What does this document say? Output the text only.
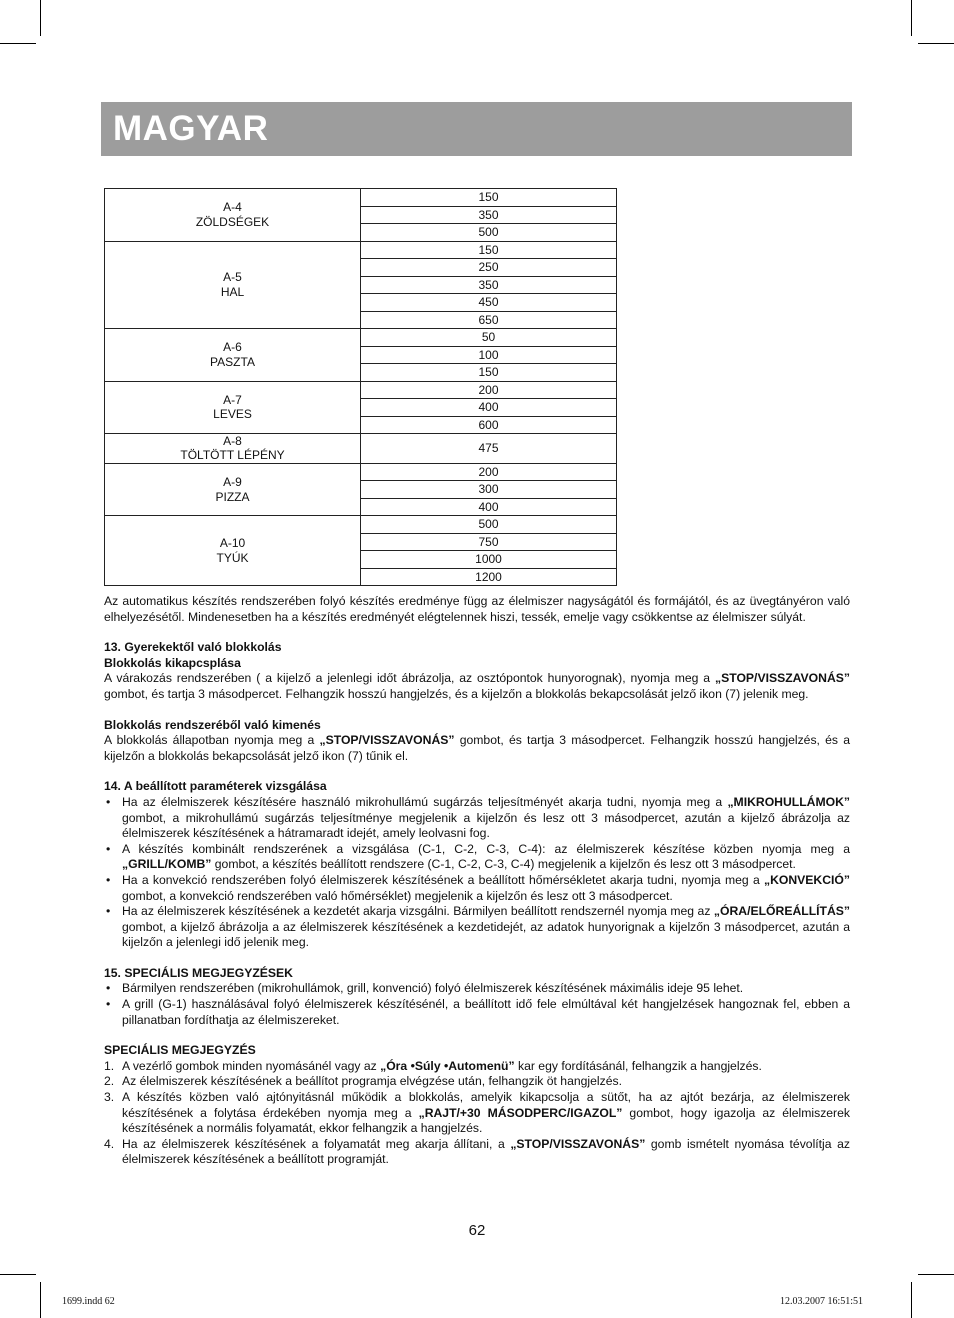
MAGYAR
A-4
ZÖLDSÉGEK	150
	350
	500

A-5
HAL	150
	250
	350
	450
	650

A-6
PASZTA	50
	100
	150

A-7
LEVES	200
	400
	600

A-8
TÖLTÖTT LÉPÉNY	475

A-9
PIZZA	200
	300
	400

A-10
TYÚK	500
	750
	1000
	1200

Az automatikus készítés rendszerében folyó készítés eredménye függ az élelmiszer nagyságától és formájától, és az üvegtányéron való elhelyezésétől. Mindenesetben ha a készítés eredményét elégtelennek hiszi, tessék, emelje vagy csökkentse az élelmiszer súlyát.

13. Gyerekektől való blokkolás

Blokkolás kikapcsplása

A várakozás rendszerében ( a kijelző a jelenlegi időt ábrázolja, az osztópontok hunyorognak), nyomja meg a „STOP/VISSZAVONÁS” gombot, és tartja 3 másodpercet. Felhangzik hosszú hangjelzés, és a kijelzőn a blokkolás bekapcsolását jelző ikon (7) jelenik meg.

Blokkolás rendszeréből való kimenés

A blokkolás állapotban nyomja meg a „STOP/VISSZAVONÁS” gombot, és tartja 3 másodpercet. Felhangzik hosszú hangjelzés, és a kijelzőn a blokkolás bekapcsolását jelző ikon (7) tűnik el.

14. A beállított paraméterek vizsgálása

• Ha az élelmiszerek készítésére használó mikrohullámú sugárzás teljesítményét akarja tudni, nyomja meg a „MIKROHULLÁMOK” gombot, a mikrohullámú sugárzás teljesítménye megjelenik a kijelzőn és lesz ott 3 másodpercet, azután a kijelző ábrázolja az élelmiszerek készítésének a hátramaradt idejét, amely leolvasni fog.
• A készítés kombinált rendszerének a vizsgálása (C-1, C-2, C-3, C-4): az élelmiszerek készítése közben nyomja meg a „GRILL/KOMB” gombot, a készítés beállított rendszere (C-1, C-2, C-3, C-4) megjelenik a kijelzőn és lesz ott 3 másodpercet.
• Ha a konvekció rendszerében folyó élelmiszerek készítésének a beállított hőmérsékletet akarja tudni, nyomja meg a „KONVEKCIÓ” gombot, a konvekció rendszerében való hőmérséklet) megjelenik a kijelzőn és lesz ott 3 másodpercet.
• Ha az élelmiszerek készítésének a kezdetét akarja vizsgálni. Bármilyen beállított rendszernél nyomja meg az „ÓRA/ELŐREÁLLÍTÁS” gombot, a kijelző ábrázolja a az élelmiszerek készítésének a kezdetidejét, az adatok hunyorignak a kijelzőn 3 másodpercet, azután a kijelzőn a jelenlegi idő jelenik meg.

15. SPECIÁLIS MEGJEGYZÉSEK

• Bármilyen rendszerében (mikrohullámok, grill, konvenció) folyó élelmiszerek készítésének máximális ideje 95 lehet.
• A grill (G-1) használásával folyó élelmiszerek készítésénél, a beállított idő fele elmúltával két hangjelzések hangoznak fel, ebben a pillanatban fordíthatja az élelmiszereket.

SPECIÁLIS MEGJEGYZÉS

1. A vezérlő gombok minden nyomásánél vagy az „Óra •Súly •Automenü” kar egy fordításánál, felhangzik a hangjelzés.
2. Az élelmiszerek készítésének a beállítot programja elvégzése után, felhangzik öt hangjelzés.
3. A készítés közben való ajtónyitásnál működik a blokkolás, amelyik kikapcsolja a sütőt, ha az ajtót bezárja, az élelmiszerek készítésének a folytása érdekében nyomja meg a „RAJT/+30 MÁSODPERC/IGAZOL” gombot, hogy igazolja az élelmiszerek készítésének a normális folyamatát, ekkor felhangzik a hangjelzés.
4. Ha az élelmiszerek készítésének a folyamatát meg akarja állítani, a „STOP/VISSZAVONÁS” gomb ismételt nyomása tévolítja az élelmiszerek készítésének a beállított programját.
62
1699.indd 62	12.03.2007 16:51:51
